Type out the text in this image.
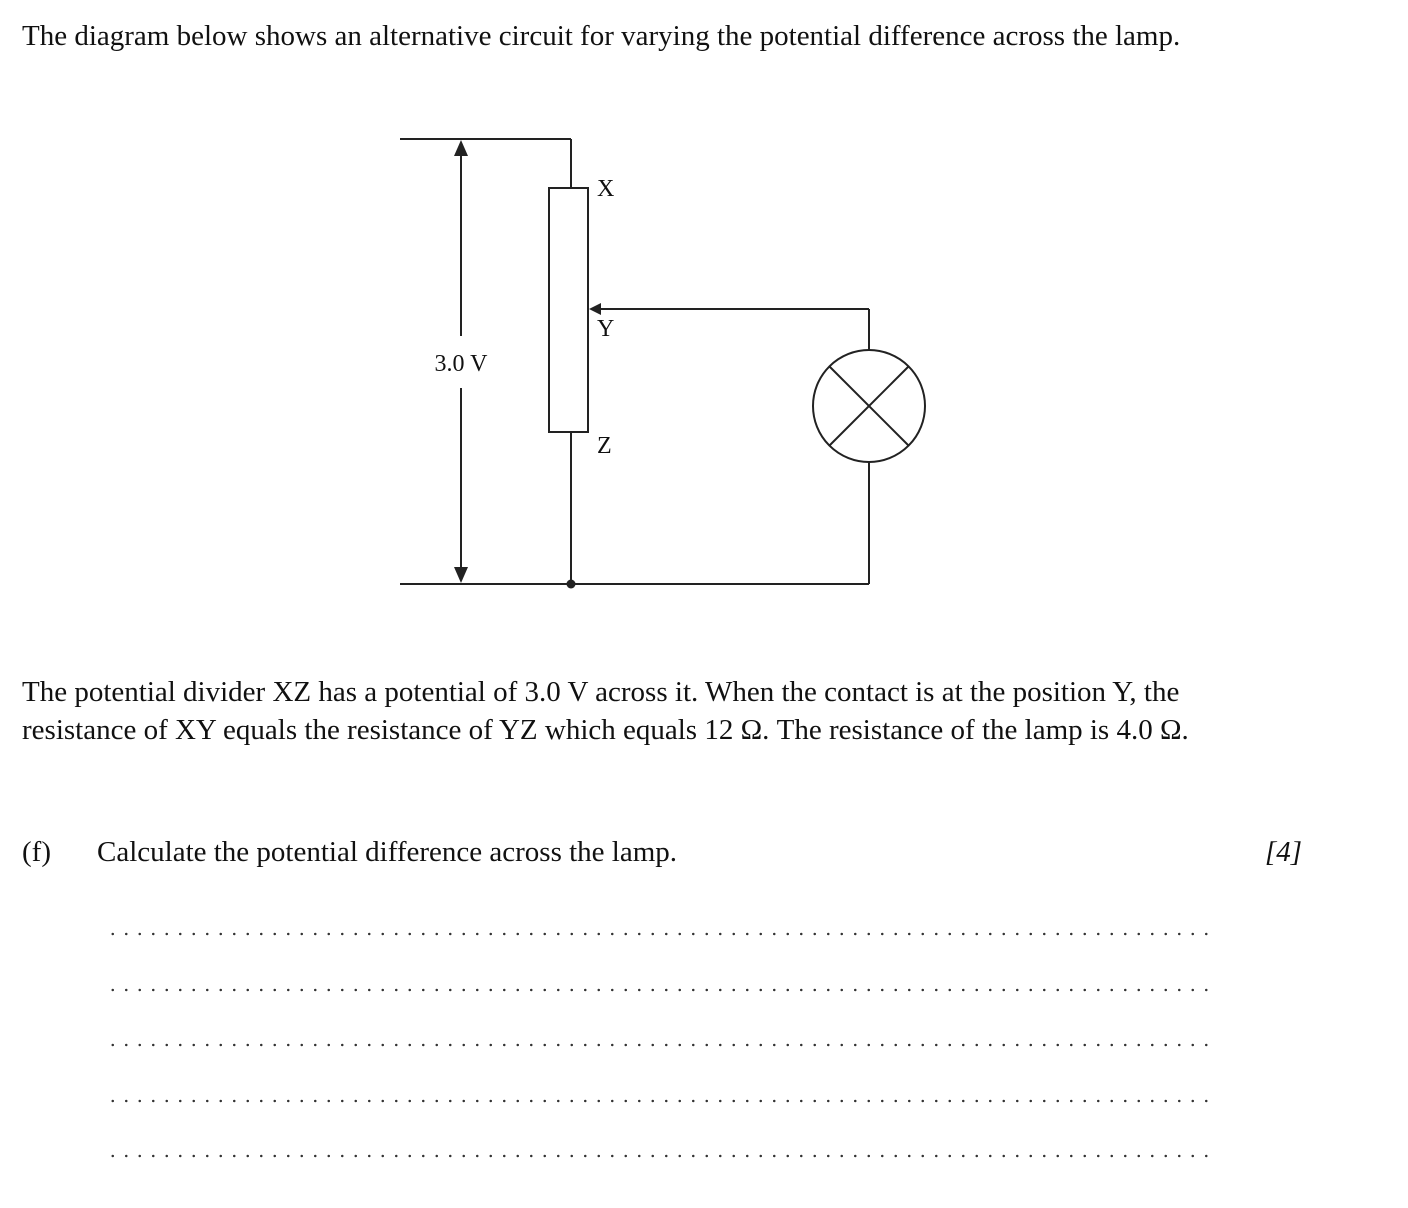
The diagram below shows an alternative circuit for varying the potential difference across the lamp.

3.0 V
X
Y
Z

The potential divider XZ has a potential of 3.0 V across it. When the contact is at the position Y, the resistance of XY equals the resistance of YZ which equals 12 Ω. The resistance of the lamp is 4.0 Ω.

(f) Calculate the potential difference across the lamp.	[4]
